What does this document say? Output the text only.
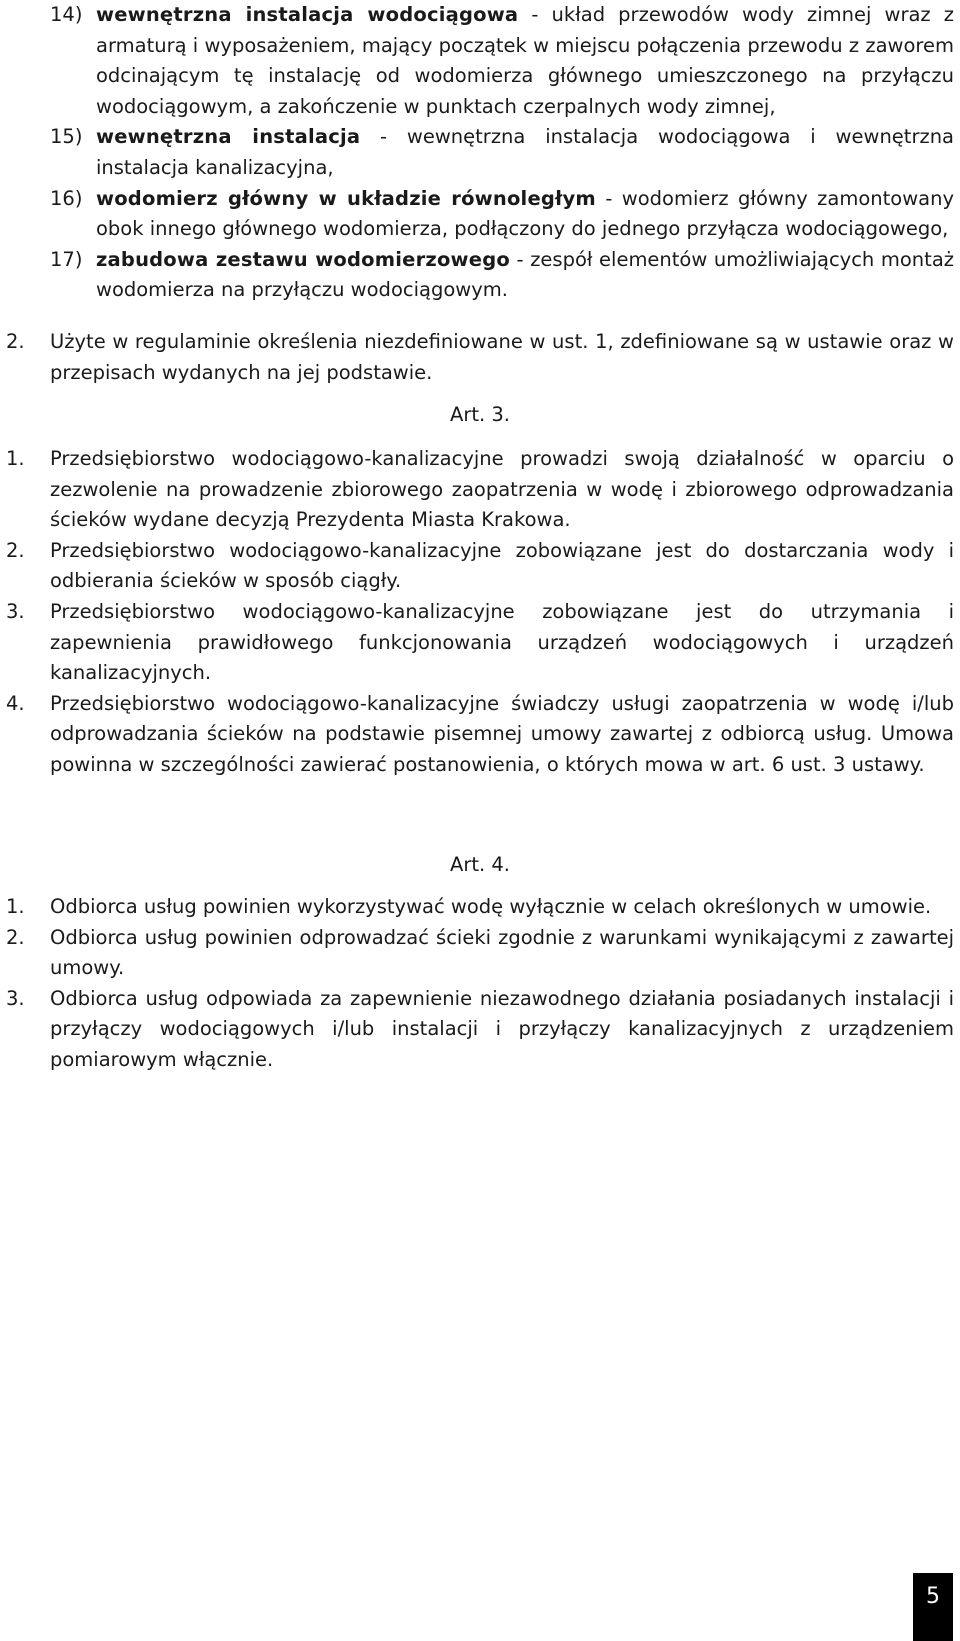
14) wewnętrzna instalacja wodociągowa - układ przewodów wody zimnej wraz z armaturą i wyposażeniem, mający początek w miejscu połączenia przewodu z zaworem odcinającym tę instalację od wodomierza głównego umieszczonego na przyłączu wodociągowym, a zakończenie w punktach czerpalnych wody zimnej,
15) wewnętrzna instalacja - wewnętrzna instalacja wodociągowa i wewnętrzna instalacja kanalizacyjna,
16) wodomierz główny w układzie równoległym - wodomierz główny zamontowany obok innego głównego wodomierza, podłączony do jednego przyłącza wodociągowego,
17) zabudowa zestawu wodomierzowego - zespół elementów umożliwiających montaż wodomierza na przyłączu wodociągowym.
2. Użyte w regulaminie określenia niezdefiniowane w ust. 1, zdefiniowane są w ustawie oraz w przepisach wydanych na jej podstawie.
Art. 3.
1. Przedsiębiorstwo wodociągowo-kanalizacyjne prowadzi swoją działalność w oparciu o zezwolenie na prowadzenie zbiorowego zaopatrzenia w wodę i zbiorowego odprowadzania ścieków wydane decyzją Prezydenta Miasta Krakowa.
2. Przedsiębiorstwo wodociągowo-kanalizacyjne zobowiązane jest do dostarczania wody i odbierania ścieków w sposób ciągły.
3. Przedsiębiorstwo wodociągowo-kanalizacyjne zobowiązane jest do utrzymania i zapewnienia prawidłowego funkcjonowania urządzeń wodociągowych i urządzeń kanalizacyjnych.
4. Przedsiębiorstwo wodociągowo-kanalizacyjne świadczy usługi zaopatrzenia w wodę i/lub odprowadzania ścieków na podstawie pisemnej umowy zawartej z odbiorcą usług. Umowa powinna w szczególności zawierać postanowienia, o których mowa w art. 6 ust. 3 ustawy.
Art. 4.
1. Odbiorca usług powinien wykorzystywać wodę wyłącznie w celach określonych w umowie.
2. Odbiorca usług powinien odprowadzać ścieki zgodnie z warunkami wynikającymi z zawartej umowy.
3. Odbiorca usług odpowiada za zapewnienie niezawodnego działania posiadanych instalacji i przyłączy wodociągowych i/lub instalacji i przyłączy kanalizacyjnych z urządzeniem pomiarowym włącznie.
5
